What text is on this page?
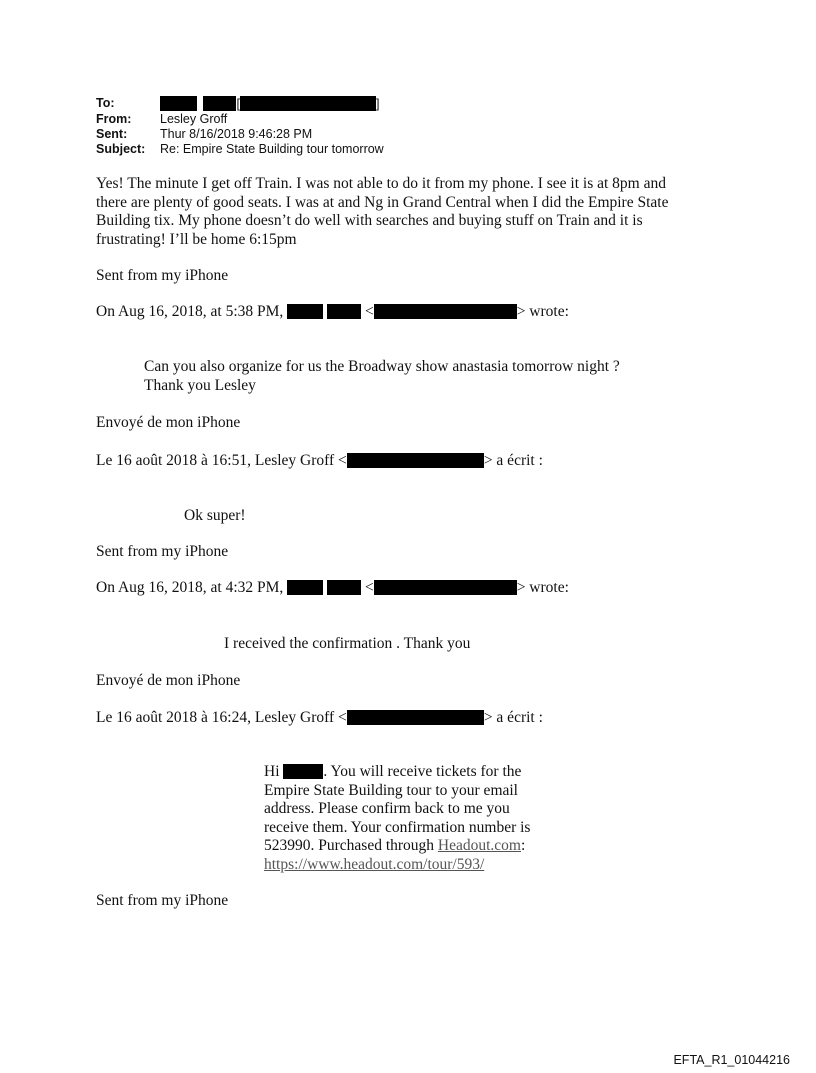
To:	[	]
From:	Lesley Groff
Sent:	Thur 8/16/2018 9:46:28 PM
Subject:	Re: Empire State Building tour tomorrow
Yes! The minute I get off Train. I was not able to do it from my phone. I see it is at 8pm and
there are plenty of good seats. I was at and Ng in Grand Central when I did the Empire State
Building tix. My phone doesn’t do well with searches and buying stuff on Train and it is
frustrating! I’ll be home 6:15pm
Sent from my iPhone
On Aug 16, 2018, at 5:38 PM,	<	> wrote:
Can you also organize for us the Broadway show anastasia tomorrow night ?
Thank you Lesley
Envoyé de mon iPhone
Le 16 août 2018 à 16:51, Lesley Groff <	> a écrit :
Ok super!
Sent from my iPhone
On Aug 16, 2018, at 4:32 PM,	<	> wrote:
I received the confirmation . Thank you
Envoyé de mon iPhone
Le 16 août 2018 à 16:24, Lesley Groff <	> a écrit :
Hi	. You will receive tickets for the
Empire State Building tour to your email
address. Please confirm back to me you
receive them. Your confirmation number is
523990. Purchased through Headout.com:
https://www.headout.com/tour/593/
Sent from my iPhone
EFTA_R1_01044216
